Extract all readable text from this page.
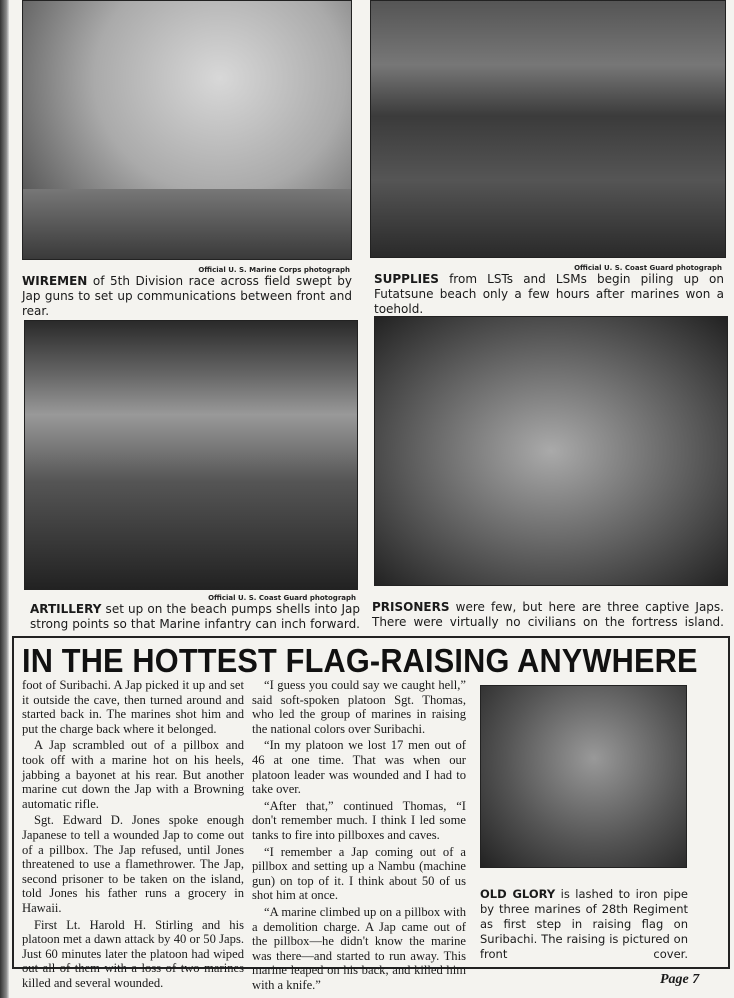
Official U. S. Marine Corps photograph
WIREMEN of 5th Division race across field swept by Jap guns to set up communications between front and rear.
Official U. S. Coast Guard photograph
SUPPLIES from LSTs and LSMs begin piling up on Futatsune beach only a few hours after marines won a toehold.
Official U. S. Coast Guard photograph
ARTILLERY set up on the beach pumps shells into Jap strong points so that Marine infantry can inch forward.
PRISONERS were few, but here are three captive Japs. There were virtually no civilians on the fortress island.
IN THE HOTTEST FLAG-RAISING ANYWHERE

foot of Suribachi. A Jap picked it up and set it outside the cave, then turned around and started back in. The marines shot him and put the charge back where it belonged.

A Jap scrambled out of a pillbox and took off with a marine hot on his heels, jabbing a bayonet at his rear. But another marine cut down the Jap with a Browning automatic rifle.

Sgt. Edward D. Jones spoke enough Japanese to tell a wounded Jap to come out of a pillbox. The Jap refused, until Jones threatened to use a flamethrower. The Jap, second prisoner to be taken on the island, told Jones his father runs a grocery in Hawaii.

First Lt. Harold H. Stirling and his platoon met a dawn attack by 40 or 50 Japs. Just 60 minutes later the platoon had wiped out all of them with a loss of two marines killed and several wounded.

“I guess you could say we caught hell,” said soft-spoken platoon Sgt. Thomas, who led the group of marines in raising the national colors over Suribachi.

“In my platoon we lost 17 men out of 46 at one time. That was when our platoon leader was wounded and I had to take over.

“After that,” continued Thomas, “I don't remember much. I think I led some tanks to fire into pillboxes and caves.

“I remember a Jap coming out of a pillbox and setting up a Nambu (machine gun) on top of it. I think about 50 of us shot him at once.

“A marine climbed up on a pillbox with a demolition charge. A Jap came out of the pillbox—he didn't know the marine was there—and started to run away. This marine leaped on his back, and killed him with a knife.”

OLD GLORY is lashed to iron pipe by three marines of 28th Regiment as first step in raising flag on Suribachi. The raising is pictured on front cover.
Page 7
